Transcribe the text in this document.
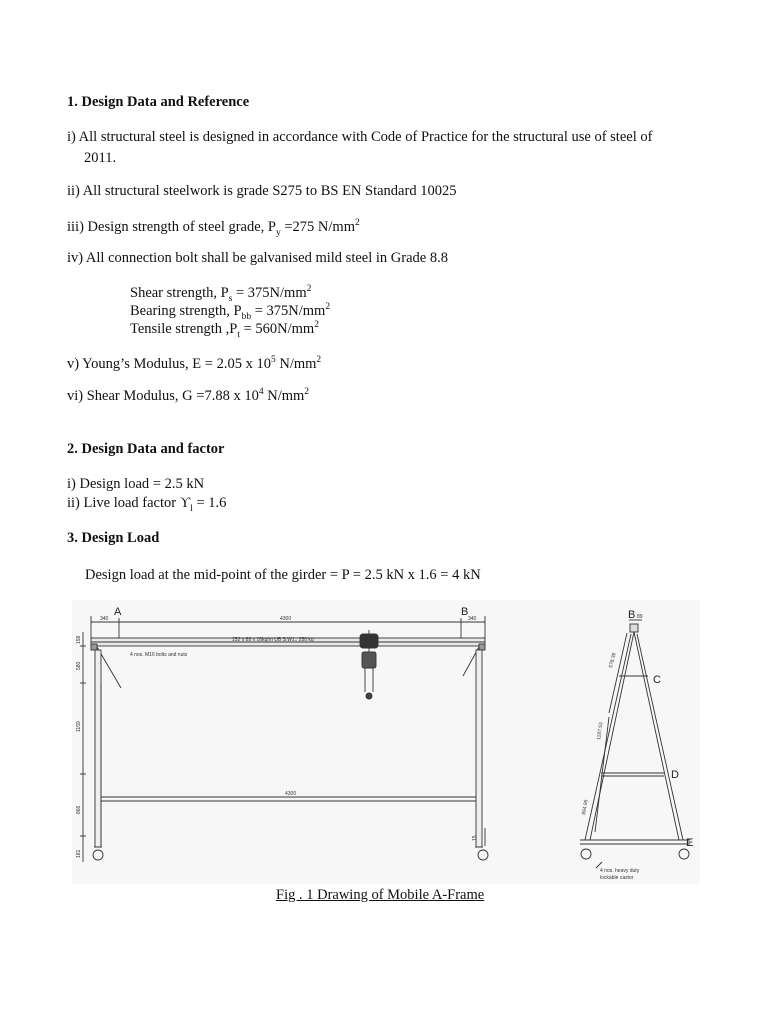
1. Design Data and Reference
i) All structural steel is designed in accordance with Code of Practice for the structural use of steel of
2011.
ii) All structural steelwork is grade S275 to BS EN Standard 10025
iii) Design strength of steel grade, $P_y =275$ $N/mm^2$
iv) All connection bolt shall be galvanised mild steel in Grade 8.8
Shear strength, $P_s = 375N/mm^2$
Bearing strength, $P_{bb} = 375N/mm^2$
Tensile strength $,P_t = 560N/mm^2$
v) Young’s Modulus, E = 2.05 x $10^5$ $N/mm^2$
vi) Shear Modulus, G =7.88 x $10^4$ $N/mm^2$
2. Design Data and factor
i) Design load = 2.5 kN
ii) Live load factor $ϒ_l = 1.6$
3. Design Load
Design load at the mid-point of the girder = P = 2.5 kN x 1.6 = 4 kN
A	B
340	4300	340
152 x 89 x 16kg/m UB S.W.L. 250 kg
4 nos. M16 bolts and nuts
4300
158
580
1159
866
181
15
B
C
D
E
89
578.39
1187.53
894.95
4 nos. heavy duty
lockable castor
Fig . 1 Drawing of Mobile A-Frame
